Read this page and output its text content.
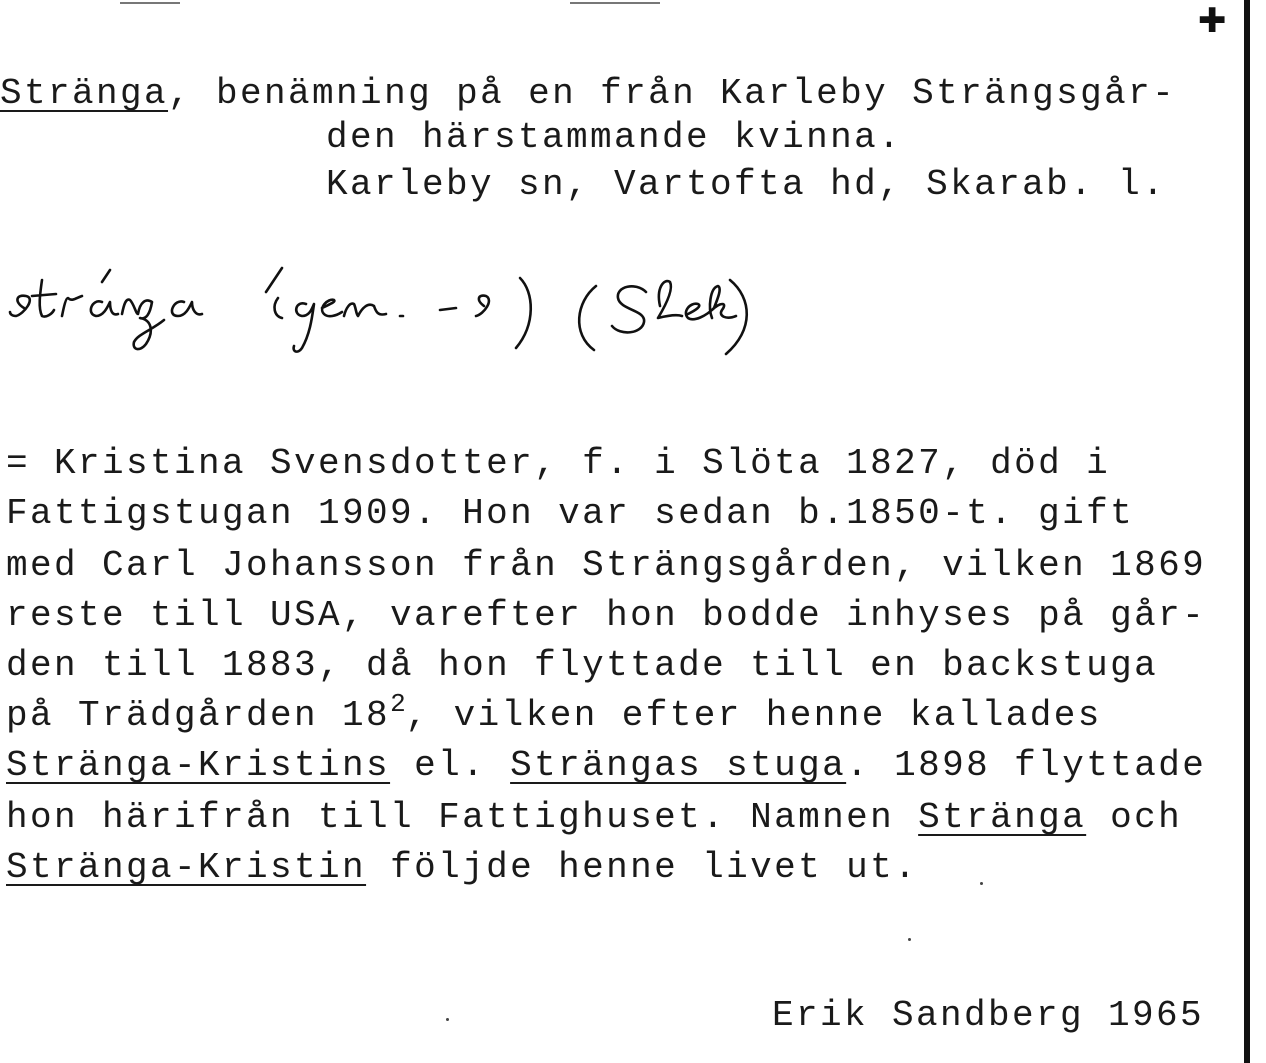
✚
Stränga, benämning på en från Karleby Strängsgår-
den härstammande kvinna.
Karleby sn, Vartofta hd, Skarab. l.
= Kristina Svensdotter, f. i Slöta 1827, död i
Fattigstugan 1909. Hon var sedan b.1850-t. gift
med Carl Johansson från Strängsgården, vilken 1869
reste till USA, varefter hon bodde inhyses på går-
den till 1883, då hon flyttade till en backstuga
på Trädgården $18^2$, vilken efter henne kallades
Stränga-Kristins el. Strängas stuga. 1898 flyttade
hon härifrån till Fattighuset. Namnen Stränga och
Stränga-Kristin följde henne livet ut.
Erik Sandberg 1965
